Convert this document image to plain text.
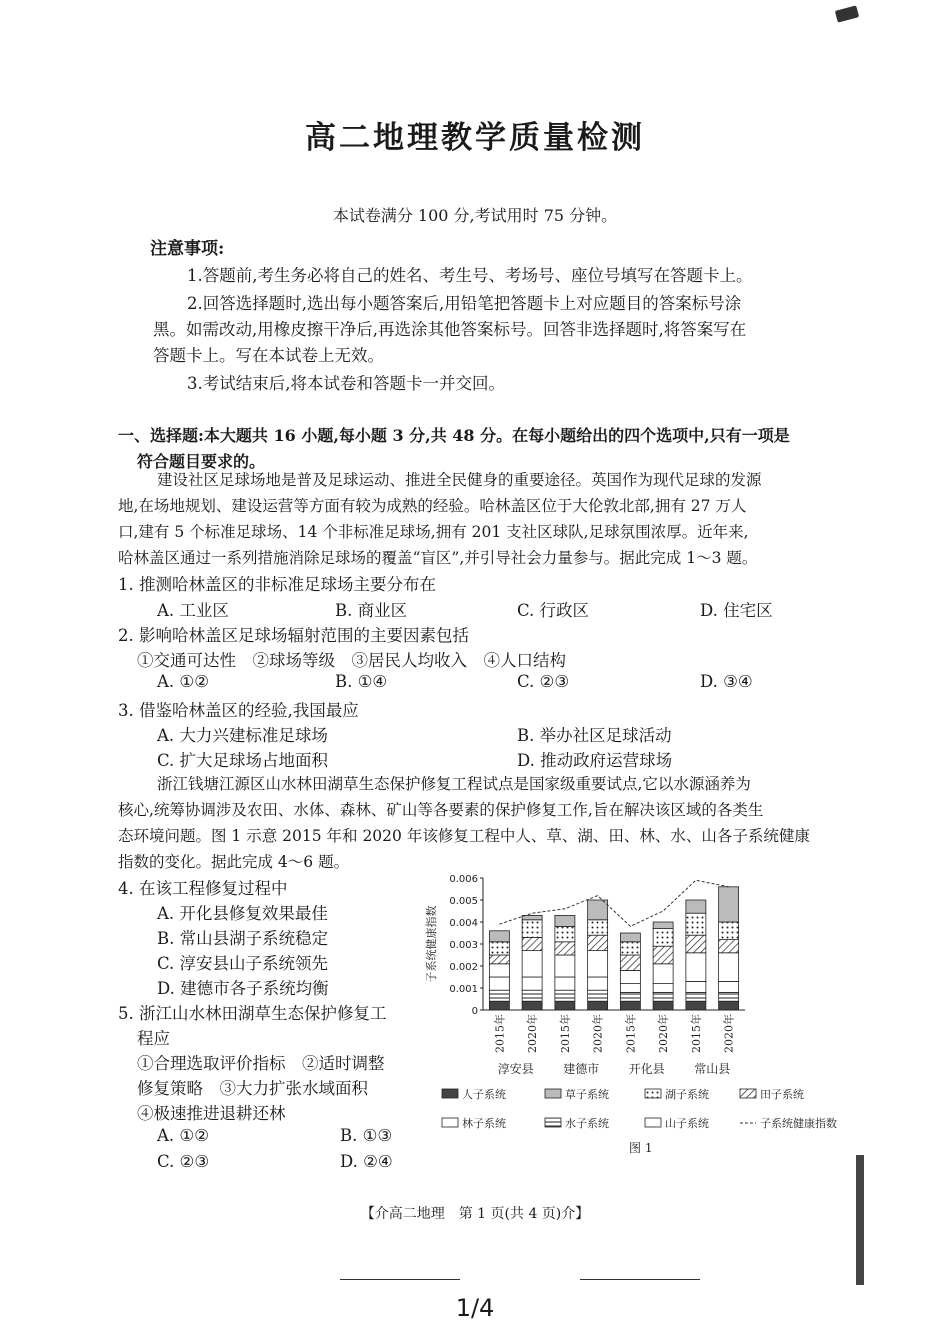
高二地理教学质量检测
本试卷满分 100 分,考试用时 75 分钟。
注意事项:
1.答题前,考生务必将自己的姓名、考生号、考场号、座位号填写在答题卡上。
2.回答选择题时,选出每小题答案后,用铅笔把答题卡上对应题目的答案标号涂
黑。如需改动,用橡皮擦干净后,再选涂其他答案标号。回答非选择题时,将答案写在
答题卡上。写在本试卷上无效。
3.考试结束后,将本试卷和答题卡一并交回。
一、选择题:本大题共 16 小题,每小题 3 分,共 48 分。在每小题给出的四个选项中,只有一项是
符合题目要求的。
建设社区足球场地是普及足球运动、推进全民健身的重要途径。英国作为现代足球的发源
地,在场地规划、建设运营等方面有较为成熟的经验。哈林盖区位于大伦敦北部,拥有 27 万人
口,建有 5 个标准足球场、14 个非标准足球场,拥有 201 支社区球队,足球氛围浓厚。近年来,
哈林盖区通过一系列措施消除足球场的覆盖“盲区”,并引导社会力量参与。据此完成 1～3 题。
1. 推测哈林盖区的非标准足球场主要分布在
A. 工业区	B. 商业区	C. 行政区	D. 住宅区
2. 影响哈林盖区足球场辐射范围的主要因素包括
①交通可达性　②球场等级　③居民人均收入　④人口结构
A. ①②	B. ①④	C. ②③	D. ③④
3. 借鉴哈林盖区的经验,我国最应
A. 大力兴建标准足球场	B. 举办社区足球活动
C. 扩大足球场占地面积	D. 推动政府运营球场
浙江钱塘江源区山水林田湖草生态保护修复工程试点是国家级重要试点,它以水源涵养为
核心,统筹协调涉及农田、水体、森林、矿山等各要素的保护修复工作,旨在解决该区域的各类生
态环境问题。图 1 示意 2015 年和 2020 年该修复工程中人、草、湖、田、林、水、山各子系统健康
指数的变化。据此完成 4～6 题。
4. 在该工程修复过程中
A. 开化县修复效果最佳
B. 常山县湖子系统稳定
C. 淳安县山子系统领先
D. 建德市各子系统均衡
5. 浙江山水林田湖草生态保护修复工
程应
①合理选取评价指标　②适时调整
修复策略　③大力扩张水域面积
④极速推进退耕还林
A. ①②	B. ①③
C. ②③	D. ②④
0
0.001
0.002
0.003
0.004
0.005
0.006
子系统健康指数
2015年 2020年 2015年 2020年 2015年 2020年 2015年 2020年
淳安县 建德市 开化县 常山县
人子系统	草子系统	湖子系统	田子系统
林子系统	水子系统	山子系统	子系统健康指数
图 1
【介高二地理　第 1 页(共 4 页)介】
1/4
